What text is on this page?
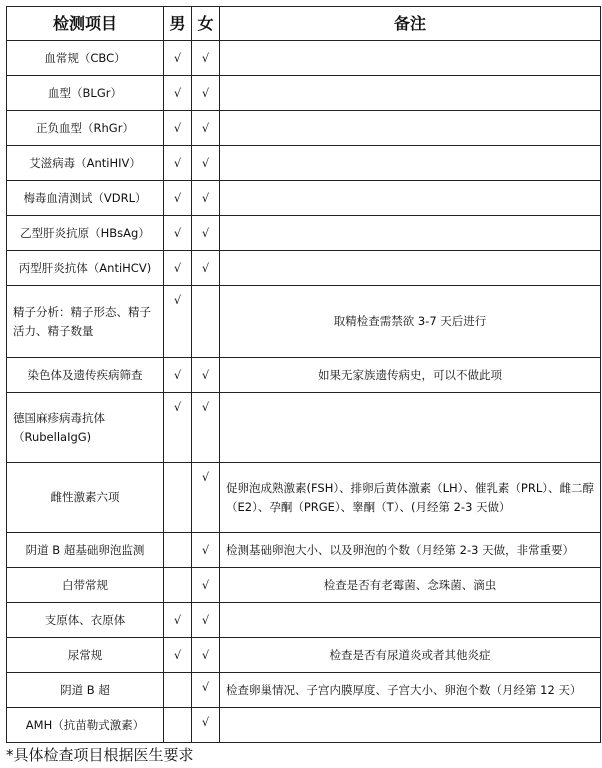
检测项目	男	女	备注
血常规（CBC）	√	√	
血型（BLGr）	√	√	
正负血型（RhGr）	√	√	
艾滋病毒（AntiHIV）	√	√	
梅毒血清测试（VDRL）	√	√	
乙型肝炎抗原（HBsAg）	√	√	
丙型肝炎抗体（AntiHCV)	√	√	
精子分析：精子形态、精子活力、精子数量	√		取精检查需禁欲 3-7 天后进行
染色体及遗传疾病筛查	√	√	如果无家族遗传病史，可以不做此项
德国麻疹病毒抗体（RubellaIgG)	√	√	
雌性激素六项		√	促卵泡成熟激素(FSH）、排卵后黄体激素（LH）、催乳素（PRL）、雌二醇（E2）、孕酮（PRGE）、睾酮（T）、(月经第 2-3 天做）
阴道 B 超基础卵泡监测		√	检测基础卵泡大小、以及卵泡的个数（月经第 2-3 天做，非常重要）
白带常规		√	检查是否有老霉菌、念珠菌、滴虫
支原体、衣原体	√	√	
尿常规	√	√	检查是否有尿道炎或者其他炎症
阴道 B 超		√	检查卵巢情况、子宫内膜厚度、子宫大小、卵泡个数（月经第 12 天）
AMH（抗苗勒式激素）		√	
*具体检查项目根据医生要求
